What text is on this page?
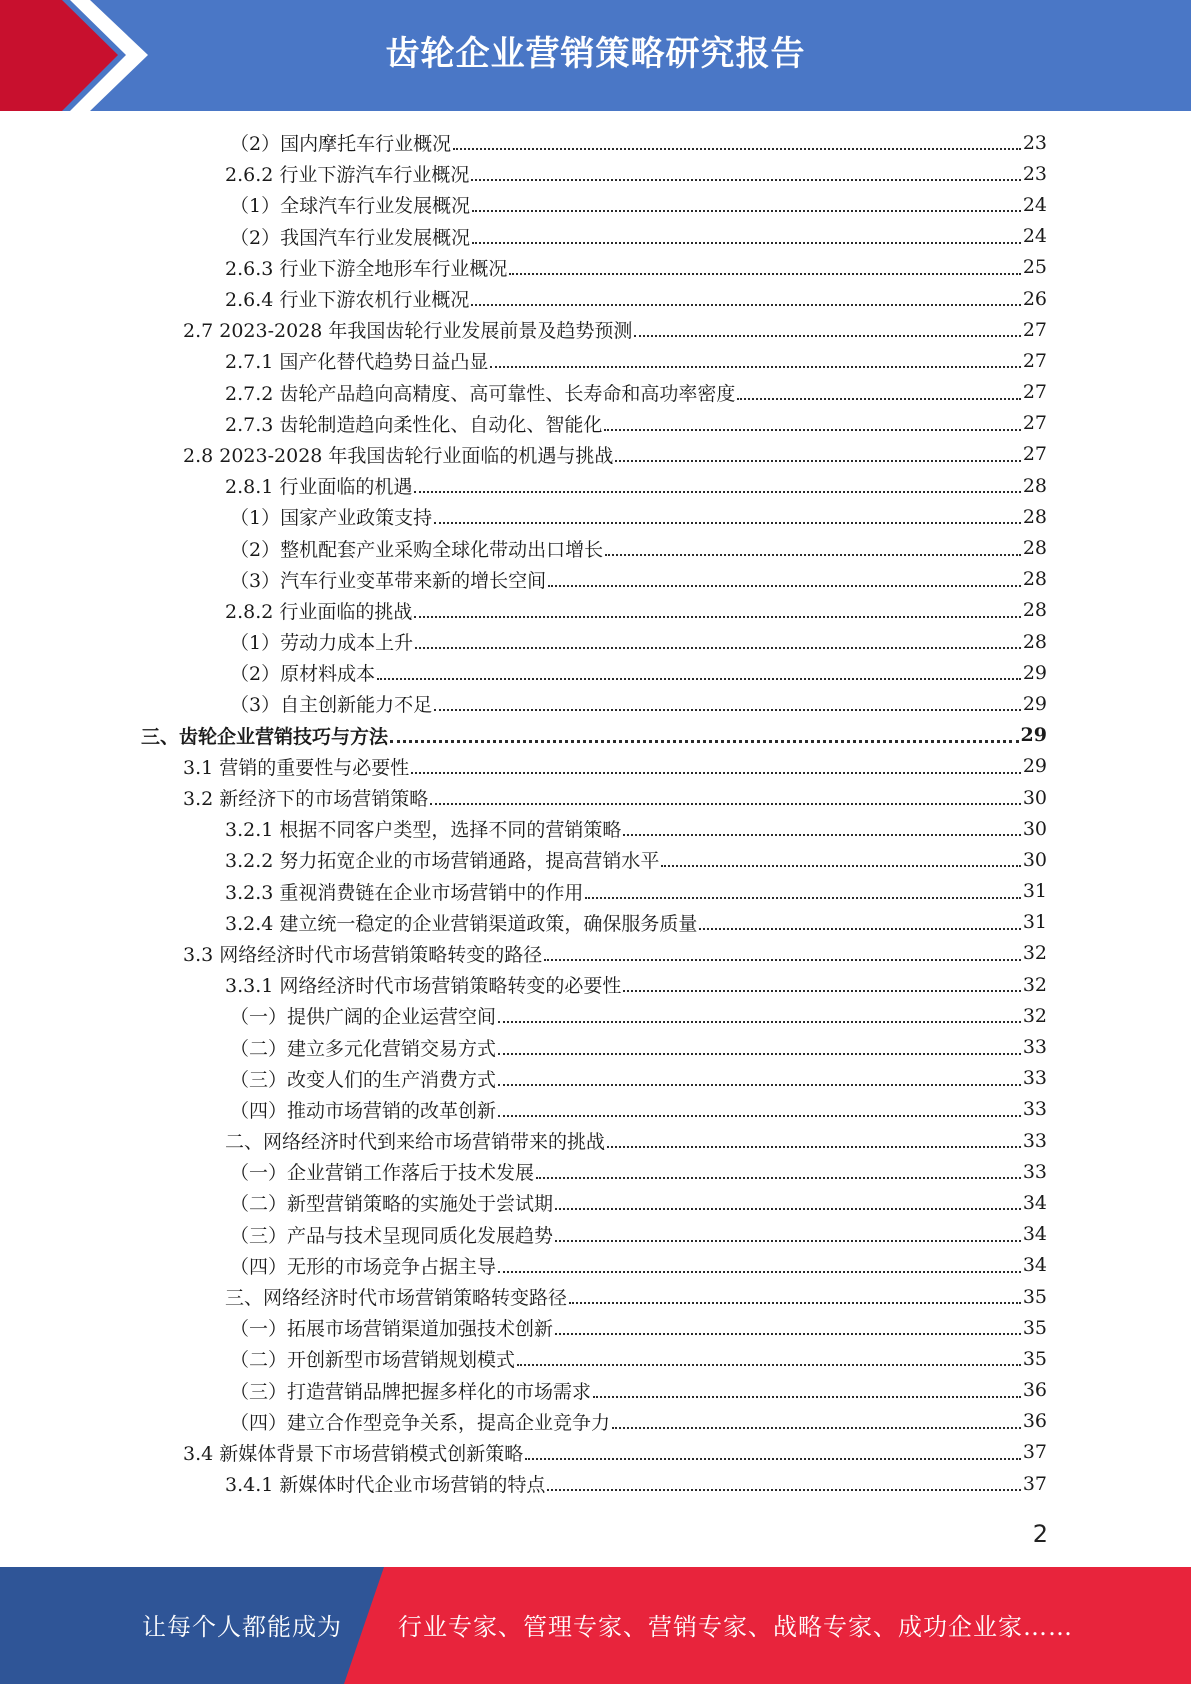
齿轮企业营销策略研究报告
（2）国内摩托车行业概况	23
2.6.2 行业下游汽车行业概况	23
（1）全球汽车行业发展概况	24
（2）我国汽车行业发展概况	24
2.6.3 行业下游全地形车行业概况	25
2.6.4 行业下游农机行业概况	26
2.7 2023-2028 年我国齿轮行业发展前景及趋势预测	27
2.7.1 国产化替代趋势日益凸显	27
2.7.2 齿轮产品趋向高精度、高可靠性、长寿命和高功率密度	27
2.7.3 齿轮制造趋向柔性化、自动化、智能化	27
2.8 2023-2028 年我国齿轮行业面临的机遇与挑战	27
2.8.1 行业面临的机遇	28
（1）国家产业政策支持	28
（2）整机配套产业采购全球化带动出口增长	28
（3）汽车行业变革带来新的增长空间	28
2.8.2 行业面临的挑战	28
（1）劳动力成本上升	28
（2）原材料成本	29
（3）自主创新能力不足	29
三、齿轮企业营销技巧与方法	29
3.1 营销的重要性与必要性	29
3.2 新经济下的市场营销策略	30
3.2.1 根据不同客户类型，选择不同的营销策略	30
3.2.2 努力拓宽企业的市场营销通路，提高营销水平	30
3.2.3 重视消费链在企业市场营销中的作用	31
3.2.4 建立统一稳定的企业营销渠道政策，确保服务质量	31
3.3 网络经济时代市场营销策略转变的路径	32
3.3.1 网络经济时代市场营销策略转变的必要性	32
（一）提供广阔的企业运营空间	32
（二）建立多元化营销交易方式	33
（三）改变人们的生产消费方式	33
（四）推动市场营销的改革创新	33
二、网络经济时代到来给市场营销带来的挑战	33
（一）企业营销工作落后于技术发展	33
（二）新型营销策略的实施处于尝试期	34
（三）产品与技术呈现同质化发展趋势	34
（四）无形的市场竞争占据主导	34
三、网络经济时代市场营销策略转变路径	35
（一）拓展市场营销渠道加强技术创新	35
（二）开创新型市场营销规划模式	35
（三）打造营销品牌把握多样化的市场需求	36
（四）建立合作型竞争关系，提高企业竞争力	36
3.4 新媒体背景下市场营销模式创新策略	37
3.4.1 新媒体时代企业市场营销的特点	37
2
让每个人都能成为 行业专家、管理专家、营销专家、战略专家、成功企业家……
